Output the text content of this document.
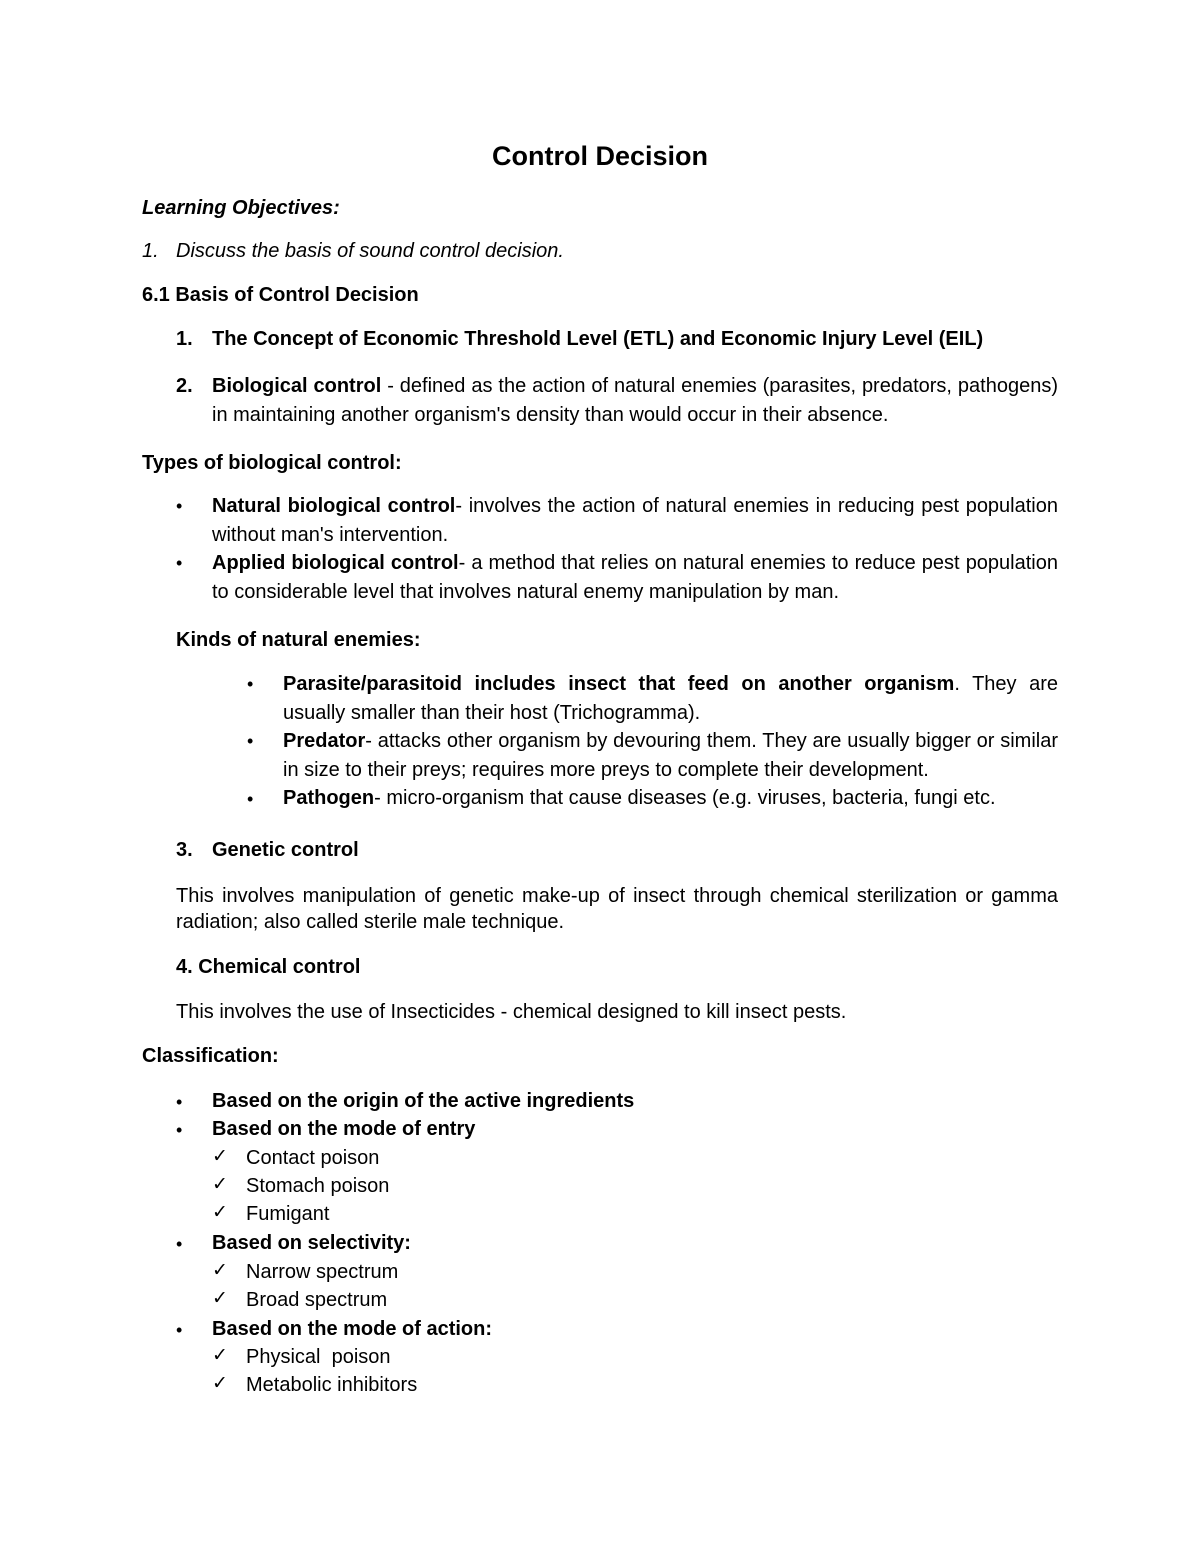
Control Decision
Learning Objectives:
1. Discuss the basis of sound control decision.
6.1 Basis of Control Decision
1. The Concept of Economic Threshold Level (ETL) and Economic Injury Level (EIL)
2. Biological control - defined as the action of natural enemies (parasites, predators, pathogens) in maintaining another organism's density than would occur in their absence.
Types of biological control:
• Natural biological control- involves the action of natural enemies in reducing pest population without man's intervention.
• Applied biological control- a method that relies on natural enemies to reduce pest population to considerable level that involves natural enemy manipulation by man.
Kinds of natural enemies:
• Parasite/parasitoid includes insect that feed on another organism. They are usually smaller than their host (Trichogramma).
• Predator- attacks other organism by devouring them. They are usually bigger or similar in size to their preys; requires more preys to complete their development.
• Pathogen- micro-organism that cause diseases (e.g. viruses, bacteria, fungi etc.
3. Genetic control
This involves manipulation of genetic make-up of insect through chemical sterilization or gamma radiation; also called sterile male technique.
4. Chemical control
This involves the use of Insecticides - chemical designed to kill insect pests.
Classification:
• Based on the origin of the active ingredients
• Based on the mode of entry
✓ Contact poison
✓ Stomach poison
✓ Fumigant
• Based on selectivity:
✓ Narrow spectrum
✓ Broad spectrum
• Based on the mode of action:
✓ Physical  poison
✓ Metabolic inhibitors
